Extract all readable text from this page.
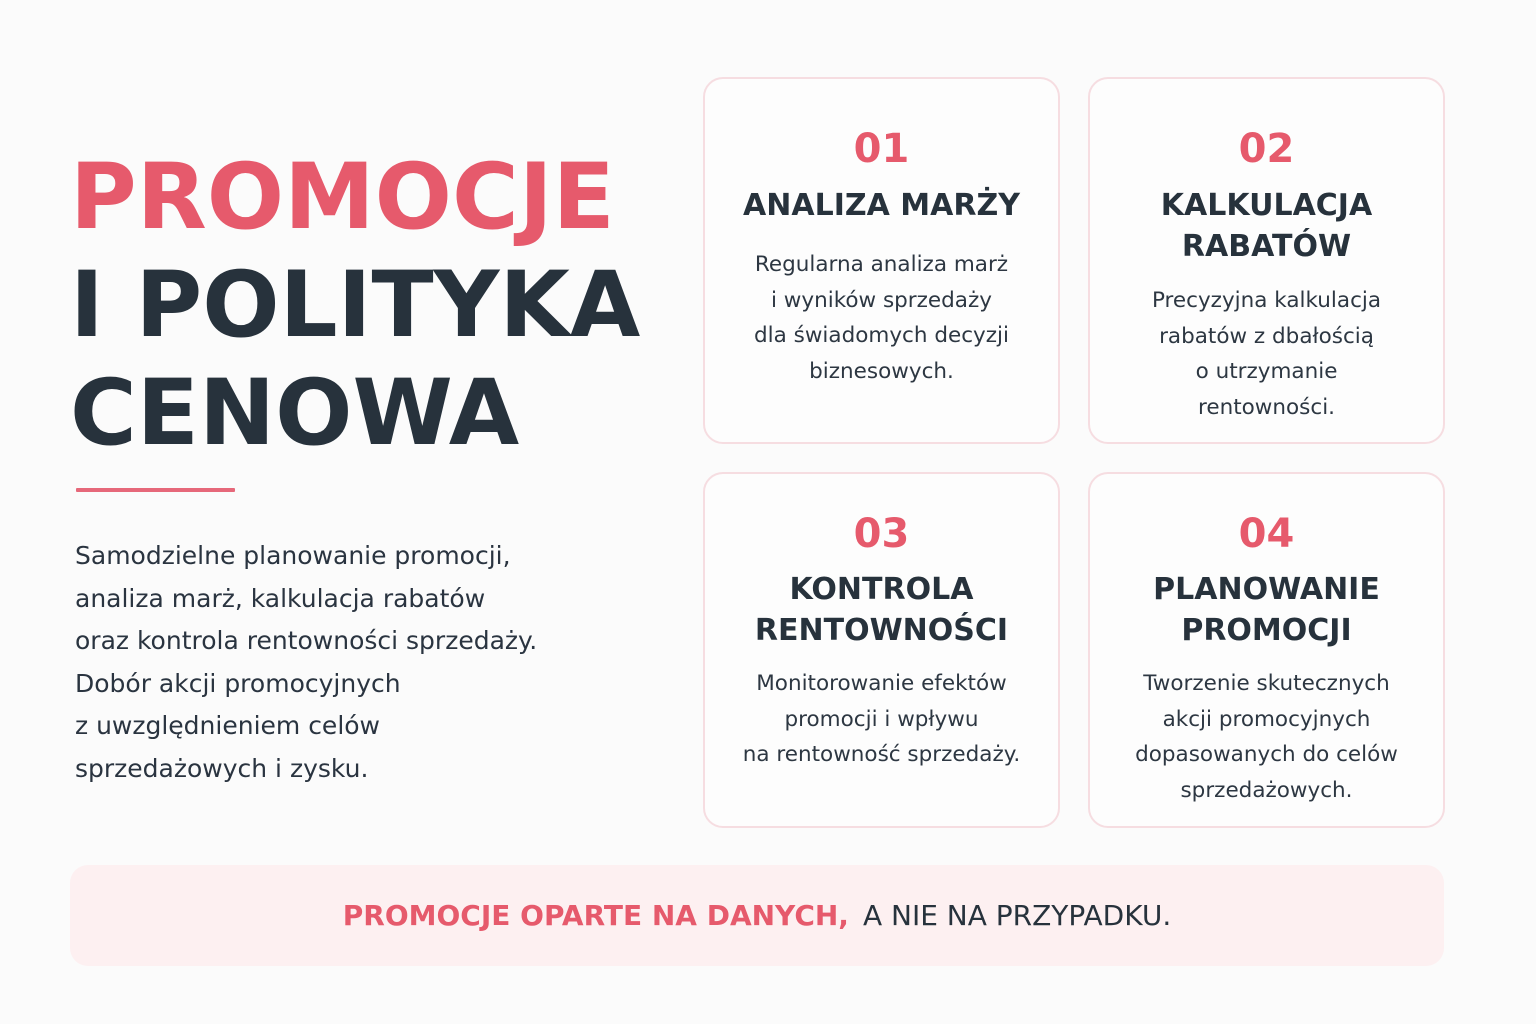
PROMOCJE
I POLITYKA
CENOWA

Samodzielne planowanie promocji,
analiza marż, kalkulacja rabatów
oraz kontrola rentowności sprzedaży.
Dobór akcji promocyjnych
z uwzględnieniem celów
sprzedażowych i zysku.

01
ANALIZA MARŻY

Regularna analiza marż
i wyników sprzedaży
dla świadomych decyzji
biznesowych.

02
KALKULACJA
RABATÓW

Precyzyjna kalkulacja
rabatów z dbałością
o utrzymanie
rentowności.

03
KONTROLA
RENTOWNOŚCI

Monitorowanie efektów
promocji i wpływu
na rentowność sprzedaży.

04
PLANOWANIE
PROMOCJI

Tworzenie skutecznych
akcji promocyjnych
dopasowanych do celów
sprzedażowych.

PROMOCJE OPARTE NA DANYCH, A NIE NA PRZYPADKU.
